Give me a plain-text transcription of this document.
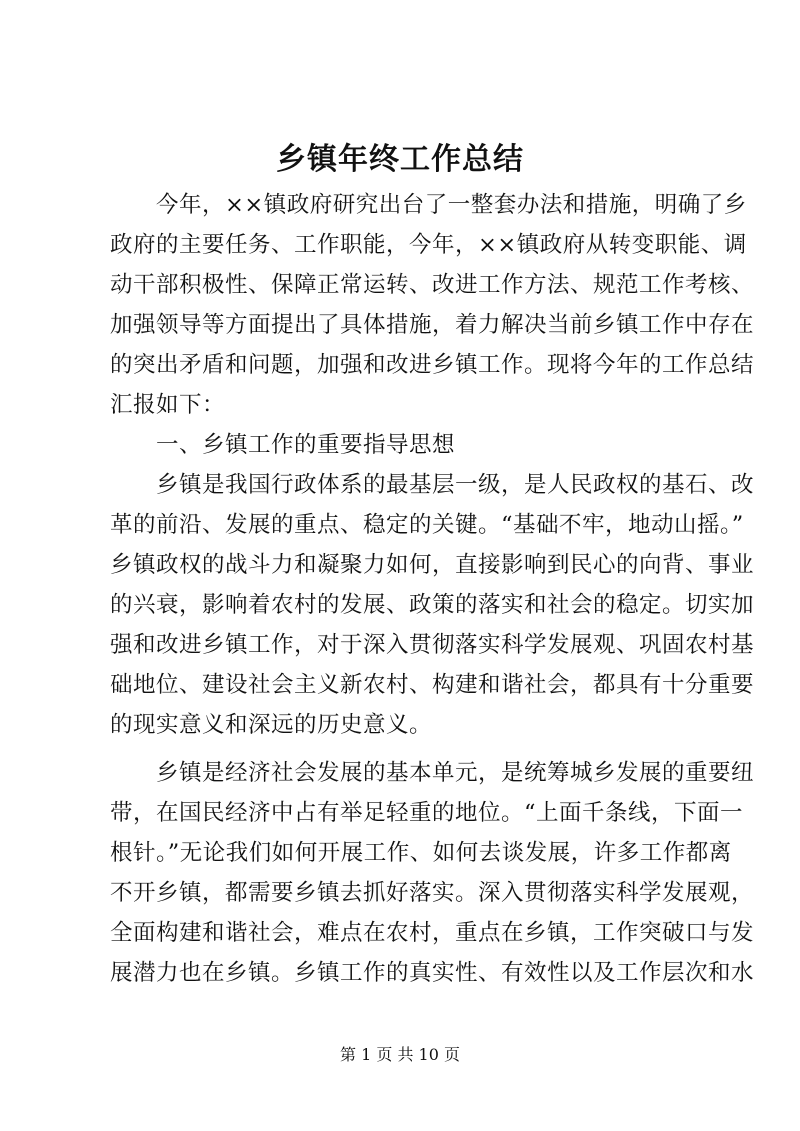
乡镇年终工作总结
今年，××镇政府研究出台了一整套办法和措施，明确了乡
政府的主要任务、工作职能，今年，××镇政府从转变职能、调
动干部积极性、保障正常运转、改进工作方法、规范工作考核、
加强领导等方面提出了具体措施，着力解决当前乡镇工作中存在
的突出矛盾和问题，加强和改进乡镇工作。现将今年的工作总结
汇报如下：
一、乡镇工作的重要指导思想
乡镇是我国行政体系的最基层一级，是人民政权的基石、改
革的前沿、发展的重点、稳定的关键。“基础不牢，地动山摇。”
乡镇政权的战斗力和凝聚力如何，直接影响到民心的向背、事业
的兴衰，影响着农村的发展、政策的落实和社会的稳定。切实加
强和改进乡镇工作，对于深入贯彻落实科学发展观、巩固农村基
础地位、建设社会主义新农村、构建和谐社会，都具有十分重要
的现实意义和深远的历史意义。
乡镇是经济社会发展的基本单元，是统筹城乡发展的重要纽
带，在国民经济中占有举足轻重的地位。“上面千条线，下面一
根针。”无论我们如何开展工作、如何去谈发展，许多工作都离
不开乡镇，都需要乡镇去抓好落实。深入贯彻落实科学发展观，
全面构建和谐社会，难点在农村，重点在乡镇，工作突破口与发
展潜力也在乡镇。乡镇工作的真实性、有效性以及工作层次和水
第 1 页 共 10 页
